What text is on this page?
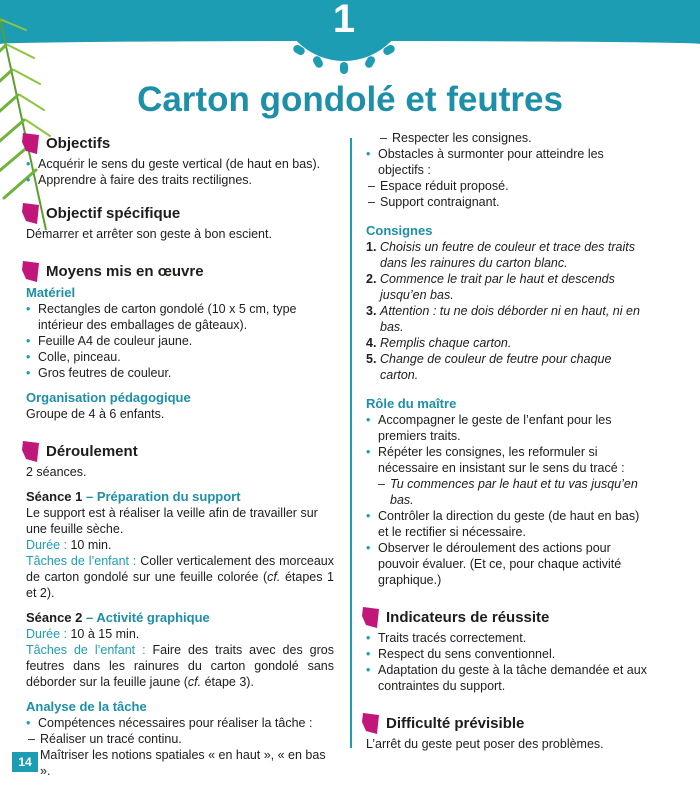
1
Carton gondolé et feutres
Objectifs
• Acquérir le sens du geste vertical (de haut en bas).
• Apprendre à faire des traits rectilignes.
Objectif spécifique

Démarrer et arrêter son geste à bon escient.

Moyens mis en œuvre
Matériel
• Rectangles de carton gondolé (10 x 5 cm, type intérieur des emballages de gâteaux).
• Feuille A4 de couleur jaune.
• Colle, pinceau.
• Gros feutres de couleur.
Organisation pédagogique

Groupe de 4 à 6 enfants.

Déroulement

2 séances.

Séance 1 – Préparation du support

Le support est à réaliser la veille afin de travailler sur une feuille sèche.

Durée : 10 min.

Tâches de l’enfant : Coller verticalement des morceaux de carton gondolé sur une feuille colorée (cf. étapes 1 et 2).

Séance 2 – Activité graphique

Durée : 10 à 15 min.

Tâches de l’enfant : Faire des traits avec des gros feutres dans les rainures du carton gondolé sans déborder sur la feuille jaune (cf. étape 3).

Analyse de la tâche
• Compétences nécessaires pour réaliser la tâche :
– Réaliser un tracé continu.
– Maîtriser les notions spatiales « en haut », « en bas ».
– Respecter les consignes.
• Obstacles à surmonter pour atteindre les objectifs :
– Espace réduit proposé.
– Support contraignant.
Consignes
1. Choisis un feutre de couleur et trace des traits dans les rainures du carton blanc.
2. Commence le trait par le haut et descends jusqu’en bas.
3. Attention : tu ne dois déborder ni en haut, ni en bas.
4. Remplis chaque carton.
5. Change de couleur de feutre pour chaque carton.
Rôle du maître
• Accompagner le geste de l’enfant pour les premiers traits.
• Répéter les consignes, les reformuler si nécessaire en insistant sur le sens du tracé :
– Tu commences par le haut et tu vas jusqu’en bas.
• Contrôler la direction du geste (de haut en bas) et le rectifier si nécessaire.
• Observer le déroulement des actions pour pouvoir évaluer. (Et ce, pour chaque activité graphique.)
Indicateurs de réussite
• Traits tracés correctement.
• Respect du sens conventionnel.
• Adaptation du geste à la tâche demandée et aux contraintes du support.
Difficulté prévisible

L’arrêt du geste peut poser des problèmes.

14
